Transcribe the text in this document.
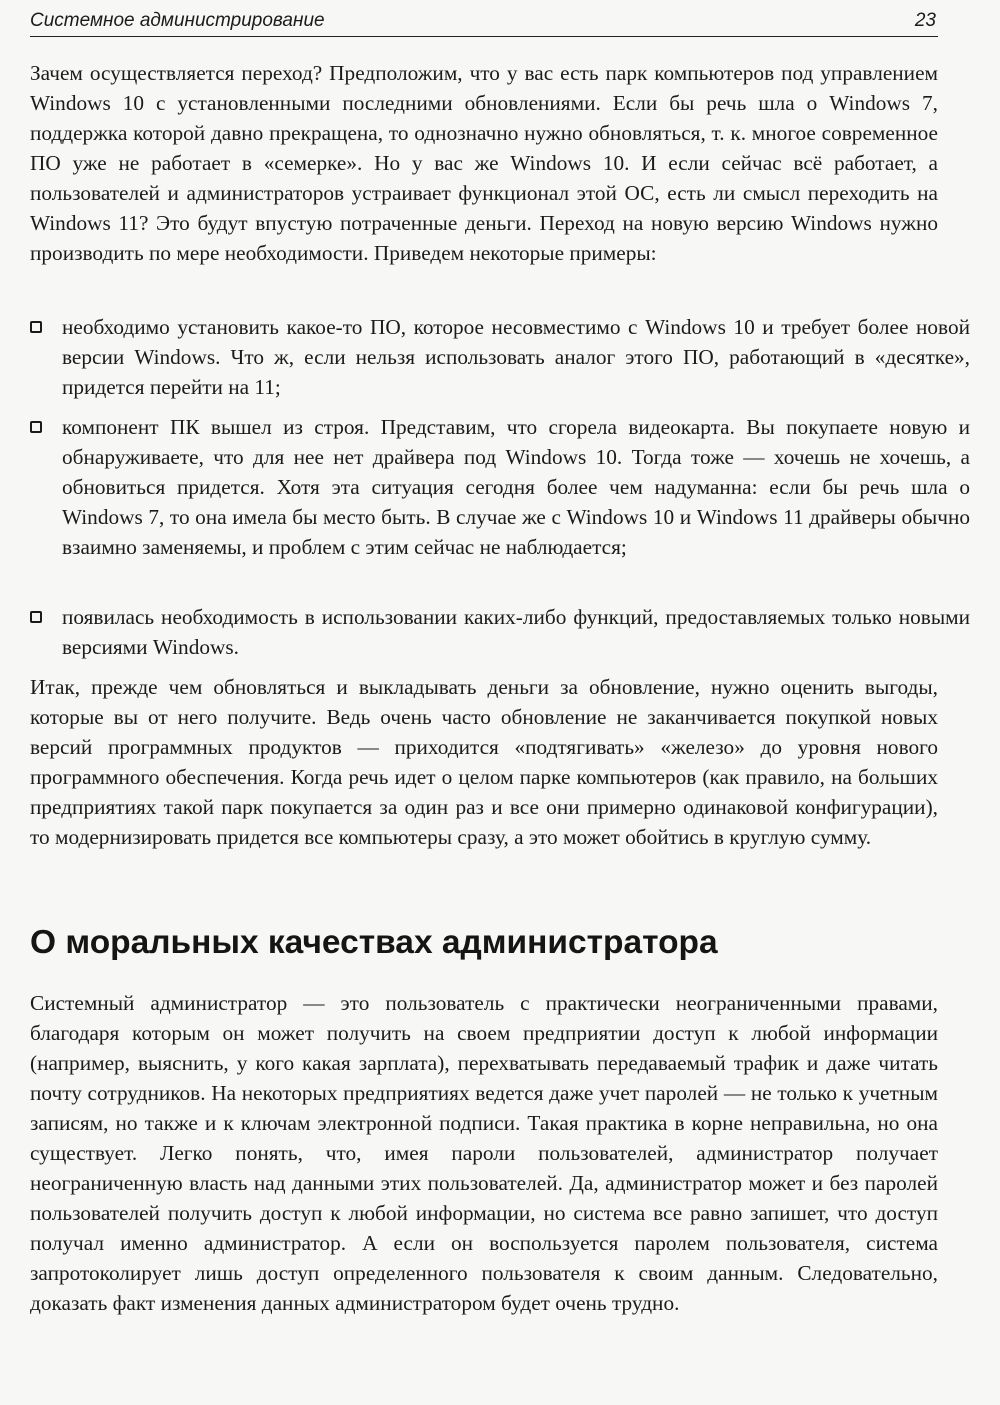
Системное администрирование	23

Зачем осуществляется переход? Предположим, что у вас есть парк компьютеров под управлением Windows 10 с установленными последними обновлениями. Если бы речь шла о Windows 7, поддержка которой давно прекращена, то однозначно нужно обновляться, т. к. многое современное ПО уже не работает в «семерке». Но у вас же Windows 10. И если сейчас всё работает, а пользователей и администраторов устраивает функционал этой ОС, есть ли смысл переходить на Windows 11? Это будут впустую потраченные деньги. Переход на новую версию Windows нужно производить по мере необходимости. Приведем некоторые примеры:

необходимо установить какое-то ПО, которое несовместимо с Windows 10 и требует более новой версии Windows. Что ж, если нельзя использовать аналог этого ПО, работающий в «десятке», придется перейти на 11;

компонент ПК вышел из строя. Представим, что сгорела видеокарта. Вы покупаете новую и обнаруживаете, что для нее нет драйвера под Windows 10. Тогда тоже — хочешь не хочешь, а обновиться придется. Хотя эта ситуация сегодня более чем надуманна: если бы речь шла о Windows 7, то она имела бы место быть. В случае же с Windows 10 и Windows 11 драйверы обычно взаимно заменяемы, и проблем с этим сейчас не наблюдается;

появилась необходимость в использовании каких-либо функций, предоставляемых только новыми версиями Windows.

Итак, прежде чем обновляться и выкладывать деньги за обновление, нужно оценить выгоды, которые вы от него получите. Ведь очень часто обновление не заканчивается покупкой новых версий программных продуктов — приходится «подтягивать» «железо» до уровня нового программного обеспечения. Когда речь идет о целом парке компьютеров (как правило, на больших предприятиях такой парк покупается за один раз и все они примерно одинаковой конфигурации), то модернизировать придется все компьютеры сразу, а это может обойтись в круглую сумму.

О моральных качествах администратора

Системный администратор — это пользователь с практически неограниченными правами, благодаря которым он может получить на своем предприятии доступ к любой информации (например, выяснить, у кого какая зарплата), перехватывать передаваемый трафик и даже читать почту сотрудников. На некоторых предприятиях ведется даже учет паролей — не только к учетным записям, но также и к ключам электронной подписи. Такая практика в корне неправильна, но она существует. Легко понять, что, имея пароли пользователей, администратор получает неограниченную власть над данными этих пользователей. Да, администратор может и без паролей пользователей получить доступ к любой информации, но система все равно запишет, что доступ получал именно администратор. А если он воспользуется паролем пользователя, система запротоколирует лишь доступ определенного пользователя к своим данным. Следовательно, доказать факт изменения данных администратором будет очень трудно.
